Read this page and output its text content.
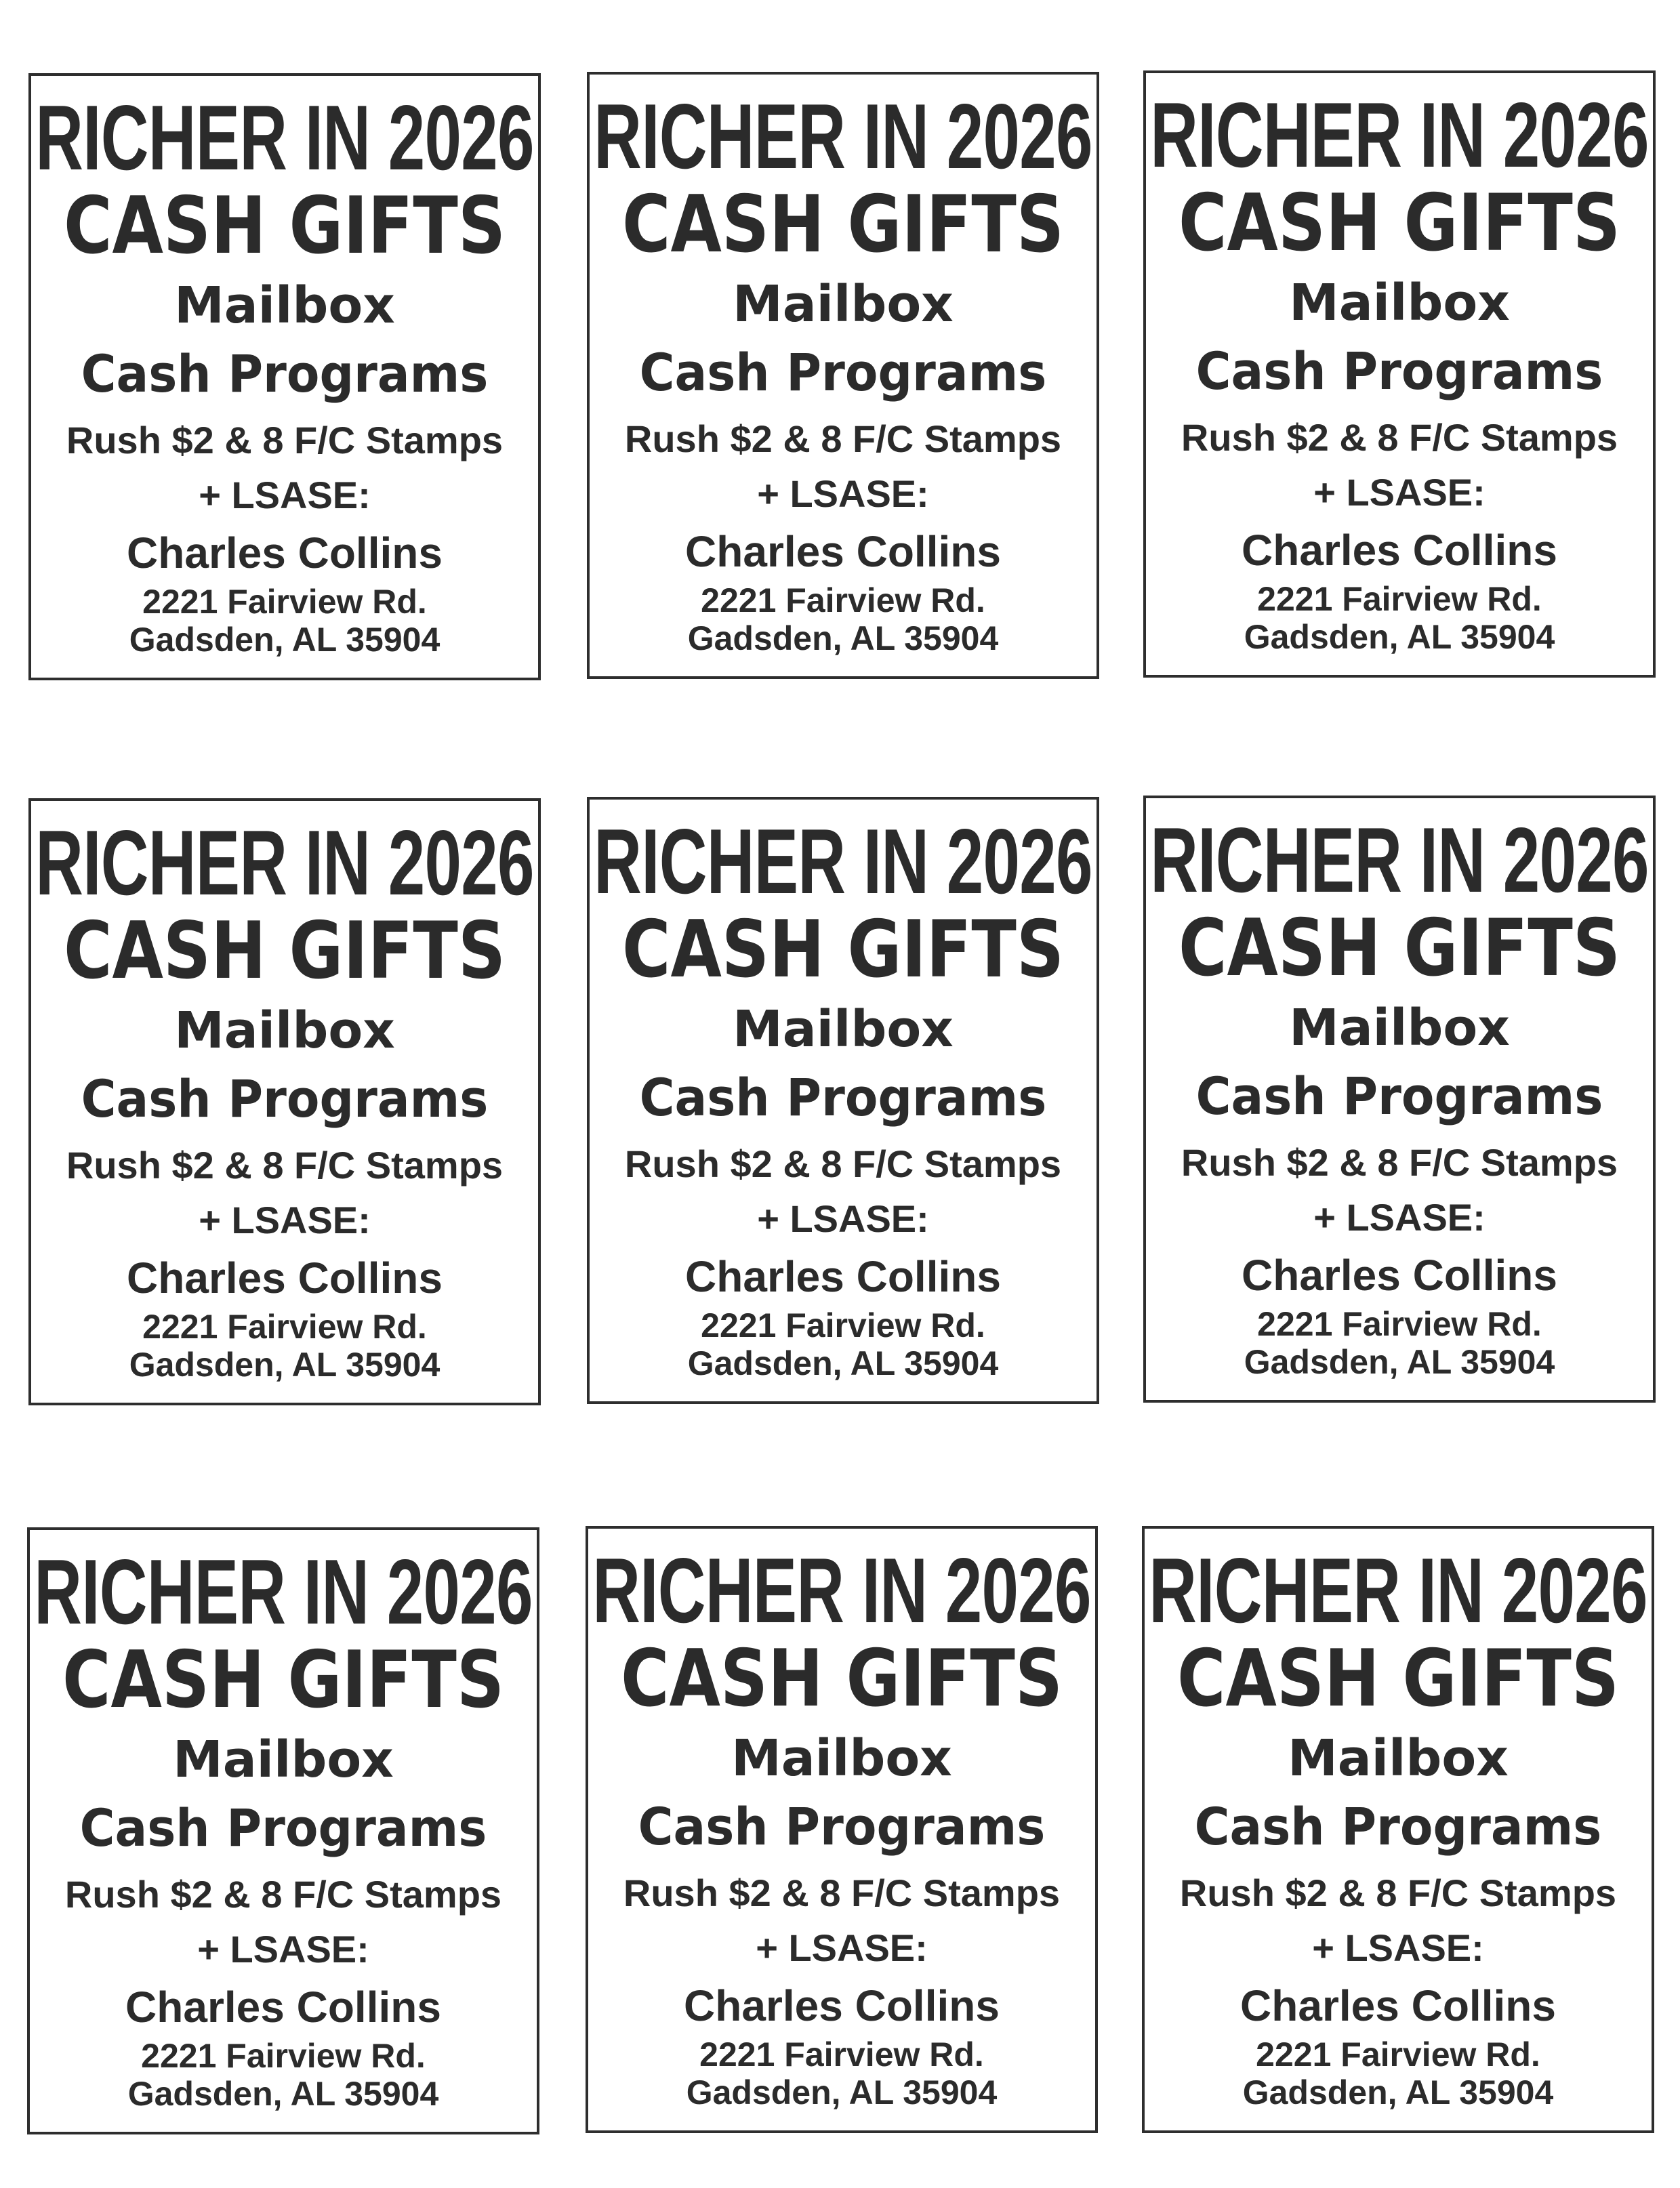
RICHER IN 2026
CASH GIFTS
Mailbox
Cash Programs
Rush $2 & 8 F/C Stamps
+ LSASE:
Charles Collins
2221 Fairview Rd.
Gadsden, AL 35904
RICHER IN 2026
CASH GIFTS
Mailbox
Cash Programs
Rush $2 & 8 F/C Stamps
+ LSASE:
Charles Collins
2221 Fairview Rd.
Gadsden, AL 35904
RICHER IN 2026
CASH GIFTS
Mailbox
Cash Programs
Rush $2 & 8 F/C Stamps
+ LSASE:
Charles Collins
2221 Fairview Rd.
Gadsden, AL 35904
RICHER IN 2026
CASH GIFTS
Mailbox
Cash Programs
Rush $2 & 8 F/C Stamps
+ LSASE:
Charles Collins
2221 Fairview Rd.
Gadsden, AL 35904
RICHER IN 2026
CASH GIFTS
Mailbox
Cash Programs
Rush $2 & 8 F/C Stamps
+ LSASE:
Charles Collins
2221 Fairview Rd.
Gadsden, AL 35904
RICHER IN 2026
CASH GIFTS
Mailbox
Cash Programs
Rush $2 & 8 F/C Stamps
+ LSASE:
Charles Collins
2221 Fairview Rd.
Gadsden, AL 35904
RICHER IN 2026
CASH GIFTS
Mailbox
Cash Programs
Rush $2 & 8 F/C Stamps
+ LSASE:
Charles Collins
2221 Fairview Rd.
Gadsden, AL 35904
RICHER IN 2026
CASH GIFTS
Mailbox
Cash Programs
Rush $2 & 8 F/C Stamps
+ LSASE:
Charles Collins
2221 Fairview Rd.
Gadsden, AL 35904
RICHER IN 2026
CASH GIFTS
Mailbox
Cash Programs
Rush $2 & 8 F/C Stamps
+ LSASE:
Charles Collins
2221 Fairview Rd.
Gadsden, AL 35904
